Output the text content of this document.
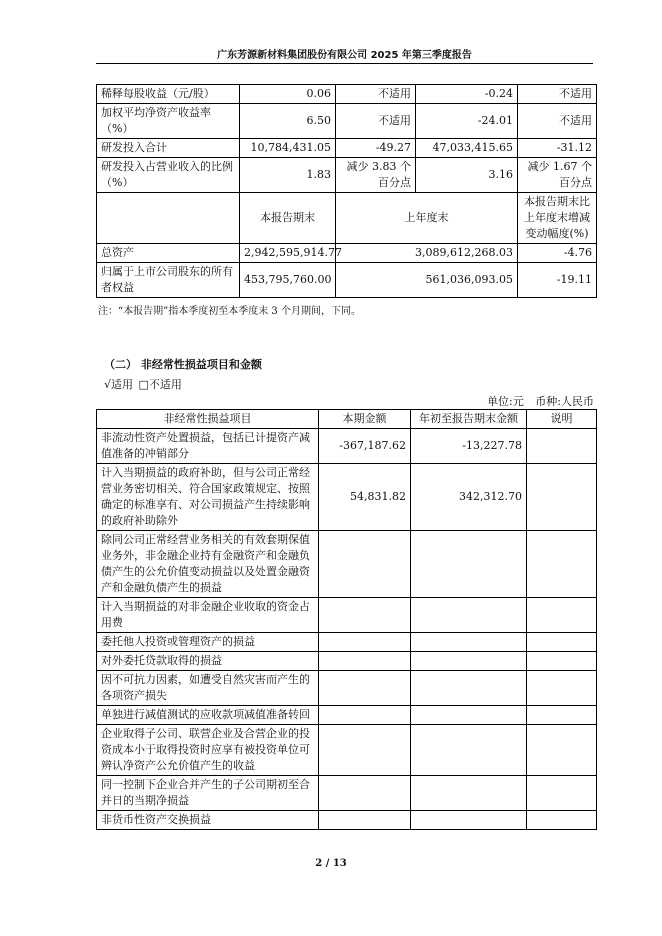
广东芳源新材料集团股份有限公司 2025 年第三季度报告
稀释每股收益（元/股）	0.06	不适用	-0.24	不适用
加权平均净资产收益率（%）	6.50	不适用	-24.01	不适用
研发投入合计	10,784,431.05	-49.27	47,033,415.65	-31.12
研发投入占营业收入的比例（%）	1.83	减少 3.83 个百分点	3.16	减少 1.67 个百分点
	本报告期末	上年度末		本报告期末比上年度末增减变动幅度(%)
总资产	2,942,595,914.77	3,089,612,268.03		-4.76
归属于上市公司股东的所有者权益	453,795,760.00	561,036,093.05		-19.11
注：“本报告期”指本季度初至本季度末 3 个月期间，下同。
（二） 非经常性损益项目和金额
√适用 □不适用
单位:元 币种:人民币
非经常性损益项目	本期金额	年初至报告期末金额	说明
非流动性资产处置损益，包括已计提资产减值准备的冲销部分	-367,187.62	-13,227.78	
计入当期损益的政府补助，但与公司正常经营业务密切相关、符合国家政策规定、按照确定的标准享有、对公司损益产生持续影响的政府补助除外	54,831.82	342,312.70	
除同公司正常经营业务相关的有效套期保值业务外，非金融企业持有金融资产和金融负债产生的公允价值变动损益以及处置金融资产和金融负债产生的损益			
计入当期损益的对非金融企业收取的资金占用费			
委托他人投资或管理资产的损益			
对外委托贷款取得的损益			
因不可抗力因素，如遭受自然灾害而产生的各项资产损失			
单独进行减值测试的应收款项减值准备转回			
企业取得子公司、联营企业及合营企业的投资成本小于取得投资时应享有被投资单位可辨认净资产公允价值产生的收益			
同一控制下企业合并产生的子公司期初至合并日的当期净损益			
非货币性资产交换损益			
2 / 13
